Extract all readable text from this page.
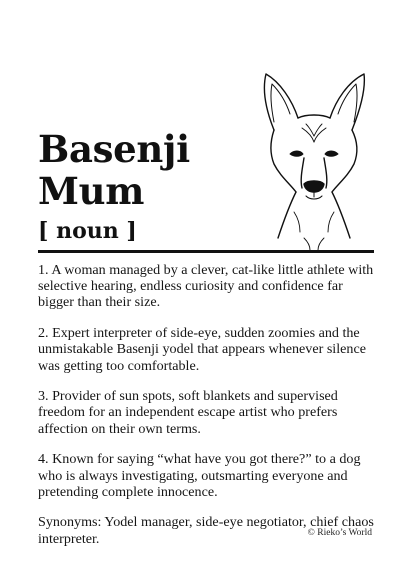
Basenji
Mum
[ noun ]

1. A woman managed by a clever, cat-like little athlete with selective hearing, endless curiosity and confidence far bigger than their size.

2. Expert interpreter of side-eye, sudden zoomies and the unmistakable Basenji yodel that appears whenever silence was getting too comfortable.

3. Provider of sun spots, soft blankets and supervised freedom for an independent escape artist who prefers affection on their own terms.

4. Known for saying “what have you got there?” to a dog who is always investigating, outsmarting everyone and pretending complete innocence.

Synonyms: Yodel manager, side-eye negotiator, chief chaos interpreter.	© Rieko’s World
